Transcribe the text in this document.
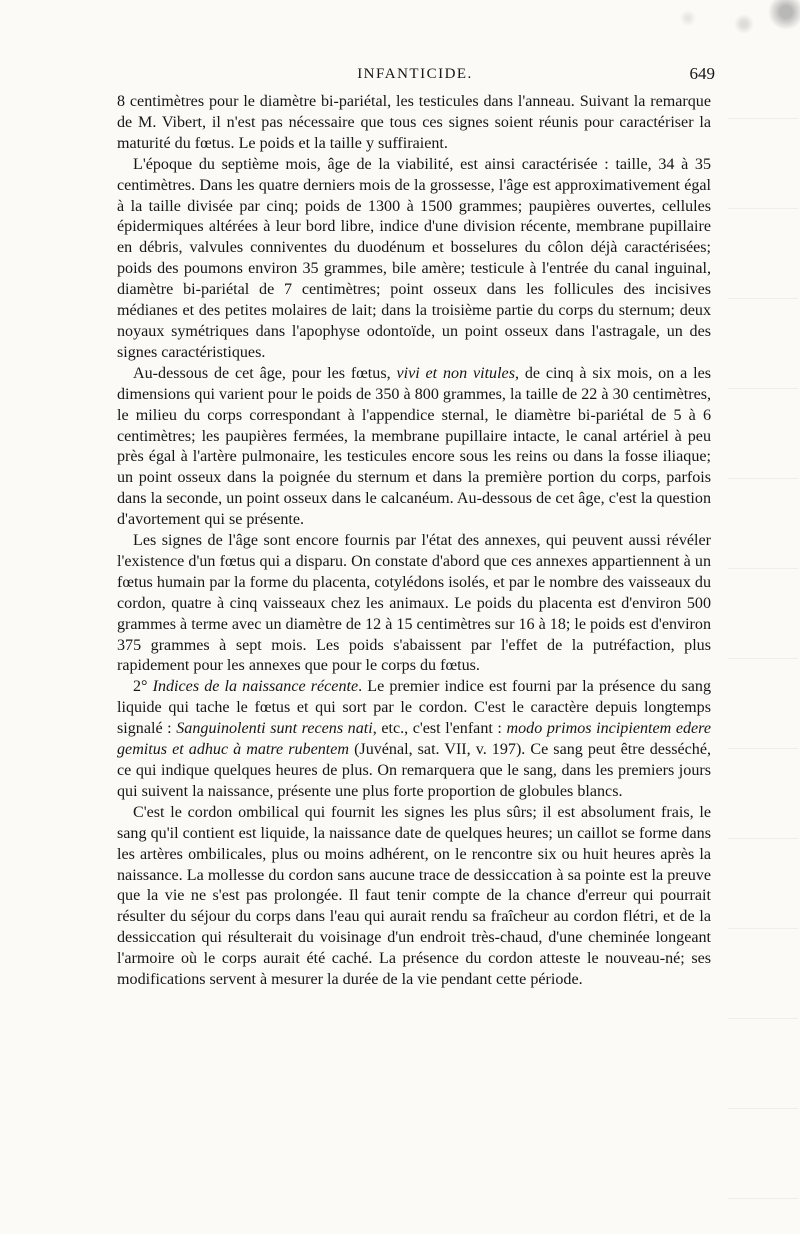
INFANTICIDE.	649

8 centimètres pour le diamètre bi-pariétal, les testicules dans l'anneau. Suivant la remarque de M. Vibert, il n'est pas nécessaire que tous ces signes soient réunis pour caractériser la maturité du fœtus. Le poids et la taille y suffiraient.

L'époque du septième mois, âge de la viabilité, est ainsi caractérisée : taille, 34 à 35 centimètres. Dans les quatre derniers mois de la grossesse, l'âge est approximativement égal à la taille divisée par cinq; poids de 1300 à 1500 grammes; paupières ouvertes, cellules épidermiques altérées à leur bord libre, indice d'une division récente, membrane pupillaire en débris, valvules conniventes du duodénum et bosselures du côlon déjà caractérisées; poids des poumons environ 35 grammes, bile amère; testicule à l'entrée du canal inguinal, diamètre bi-pariétal de 7 centimètres; point osseux dans les follicules des incisives médianes et des petites molaires de lait; dans la troisième partie du corps du sternum; deux noyaux symétriques dans l'apophyse odontoïde, un point osseux dans l'astragale, un des signes caractéristiques.

Au-dessous de cet âge, pour les fœtus, vivi et non vitules, de cinq à six mois, on a les dimensions qui varient pour le poids de 350 à 800 grammes, la taille de 22 à 30 centimètres, le milieu du corps correspondant à l'appendice sternal, le diamètre bi-pariétal de 5 à 6 centimètres; les paupières fermées, la membrane pupillaire intacte, le canal artériel à peu près égal à l'artère pulmonaire, les testicules encore sous les reins ou dans la fosse iliaque; un point osseux dans la poignée du sternum et dans la première portion du corps, parfois dans la seconde, un point osseux dans le calcanéum. Au-dessous de cet âge, c'est la question d'avortement qui se présente.

Les signes de l'âge sont encore fournis par l'état des annexes, qui peuvent aussi révéler l'existence d'un fœtus qui a disparu. On constate d'abord que ces annexes appartiennent à un fœtus humain par la forme du placenta, cotylédons isolés, et par le nombre des vaisseaux du cordon, quatre à cinq vaisseaux chez les animaux. Le poids du placenta est d'environ 500 grammes à terme avec un diamètre de 12 à 15 centimètres sur 16 à 18; le poids est d'environ 375 grammes à sept mois. Les poids s'abaissent par l'effet de la putréfaction, plus rapidement pour les annexes que pour le corps du fœtus.

2° Indices de la naissance récente. Le premier indice est fourni par la présence du sang liquide qui tache le fœtus et qui sort par le cordon. C'est le caractère depuis longtemps signalé : Sanguinolenti sunt recens nati, etc., c'est l'enfant : modo primos incipientem edere gemitus et adhuc à matre rubentem (Juvénal, sat. VII, v. 197). Ce sang peut être desséché, ce qui indique quelques heures de plus. On remarquera que le sang, dans les premiers jours qui suivent la naissance, présente une plus forte proportion de globules blancs.

C'est le cordon ombilical qui fournit les signes les plus sûrs; il est absolument frais, le sang qu'il contient est liquide, la naissance date de quelques heures; un caillot se forme dans les artères ombilicales, plus ou moins adhérent, on le rencontre six ou huit heures après la naissance. La mollesse du cordon sans aucune trace de dessiccation à sa pointe est la preuve que la vie ne s'est pas prolongée. Il faut tenir compte de la chance d'erreur qui pourrait résulter du séjour du corps dans l'eau qui aurait rendu sa fraîcheur au cordon flétri, et de la dessiccation qui résulterait du voisinage d'un endroit très-chaud, d'une cheminée longeant l'armoire où le corps aurait été caché. La présence du cordon atteste le nouveau-né; ses modifications servent à mesurer la durée de la vie pendant cette période.
